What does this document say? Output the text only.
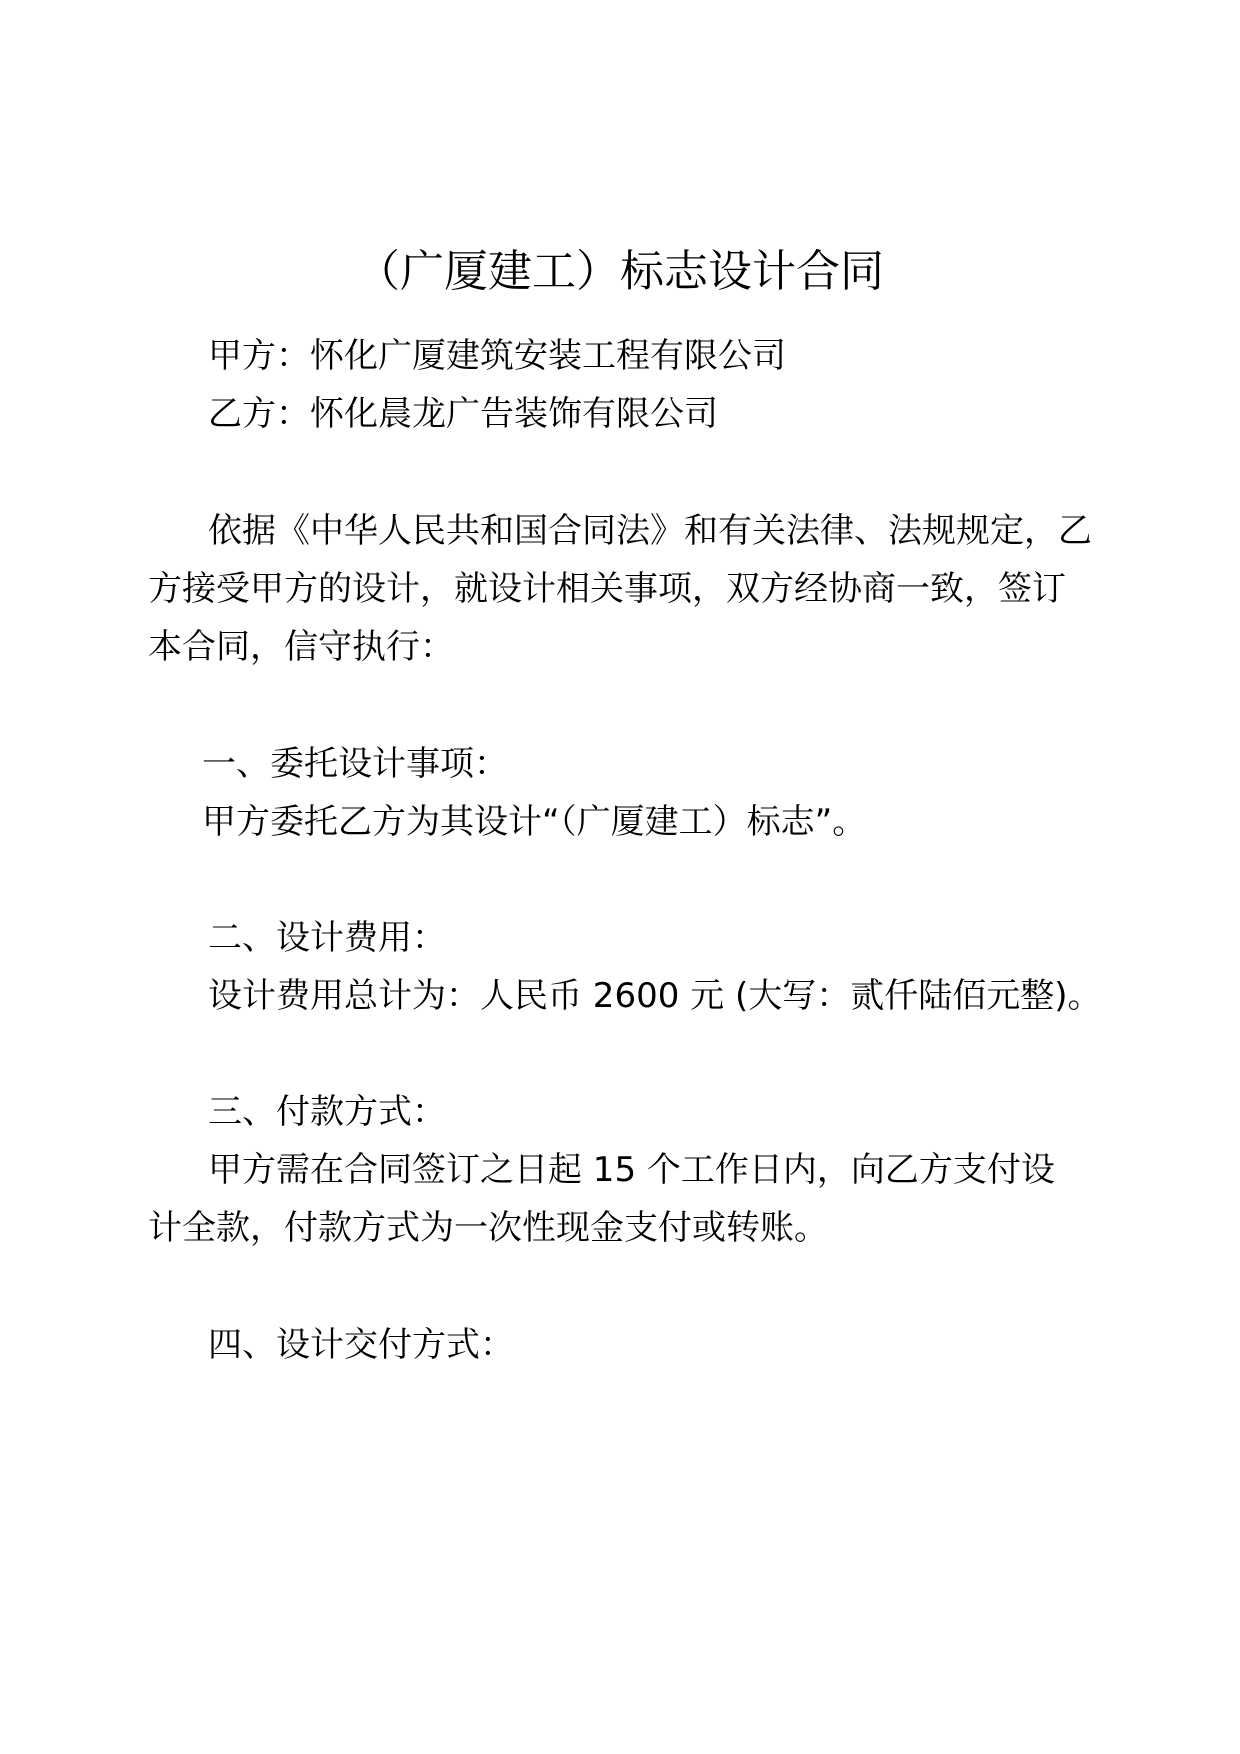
（广厦建工）标志设计合同
甲方：怀化广厦建筑安装工程有限公司
乙方：怀化晨龙广告装饰有限公司
依据《中华人民共和国合同法》和有关法律、法规规定，乙
方接受甲方的设计，就设计相关事项，双方经协商一致，签订
本合同，信守执行：
一、委托设计事项：
甲方委托乙方为其设计“（广厦建工）标志”。
二、设计费用：
设计费用总计为：人民币 2600 元 (大写：贰仟陆佰元整)。
三、付款方式：
甲方需在合同签订之日起 15 个工作日内，向乙方支付设
计全款，付款方式为一次性现金支付或转账。
四、设计交付方式：
